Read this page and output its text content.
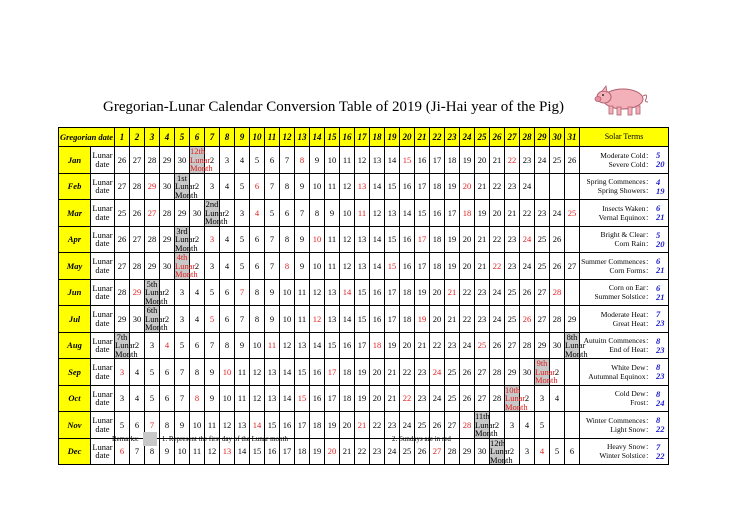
Gregorian-Lunar Calendar Conversion Table of 2019 (Ji-Hai year of the Pig)
Gregorian date		1	2	3	4	5	6	7	8	9	10	11	12	13	14	15	16	17	18	19	20	21	22	23	24	25	26	27	28	29	30	31	Solar Terms
Jan	Lunar date	26	27	28	29	30	12th Lunar Month	2	3	4	5	6	7	8	9	10	11	12	13	14	15	16	17	18	19	20	21	22	23	24	25	26	Moderate Cold： 5
Severe Cold： 20

Feb	Lunar date	27	28	29	30	1st Lunar Month	2	3	4	5	6	7	8	9	10	11	12	13	14	15	16	17	18	19	20	21	22	23	24				Spring Commences： 4
Spring Showers： 19

Mar	Lunar date	25	26	27	28	29	30	2nd Lunar Month	2	3	4	5	6	7	8	9	10	11	12	13	14	15	16	17	18	19	20	21	22	23	24	25	Insects Waken： 6
Vernal Equinox： 21

Apr	Lunar date	26	27	28	29	3rd Lunar Month	2	3	4	5	6	7	8	9	10	11	12	13	14	15	16	17	18	19	20	21	22	23	24	25	26		Bright & Clear： 5
Corn Rain： 20

May	Lunar date	27	28	29	30	4th Lunar Month	2	3	4	5	6	7	8	9	10	11	12	13	14	15	16	17	18	19	20	21	22	23	24	25	26	27	Summer Commences： 6
Corn Forms： 21

Jun	Lunar date	28	29	5th Lunar Month	2	3	4	5	6	7	8	9	10	11	12	13	14	15	16	17	18	19	20	21	22	23	24	25	26	27	28		Corn on Ear： 6
Summer Solstice： 21

Jul	Lunar date	29	30	6th Lunar Month	2	3	4	5	6	7	8	9	10	11	12	13	14	15	16	17	18	19	20	21	22	23	24	25	26	27	28	29	Moderate Heat： 7
Great Heat： 23

Aug	Lunar date	7th Lunar Month	2	3	4	5	6	7	8	9	10	11	12	13	14	15	16	17	18	19	20	21	22	23	24	25	26	27	28	29	30	8th Lunar Month	Autuitn Commences： 8
End of Heat： 23

Sep	Lunar date	3	4	5	6	7	8	9	10	11	12	13	14	15	16	17	18	19	20	21	22	23	24	25	26	27	28	29	30	9th Lunar Month	2		White Dew： 8
Autumnal Equinox： 23

Oct	Lunar date	3	4	5	6	7	8	9	10	11	12	13	14	15	16	17	18	19	20	21	22	23	24	25	26	27	28	10th Lunar Month	2	3	4		Cold Dew： 8
Frost： 24

Nov	Lunar date	5	6	7	8	9	10	11	12	13	14	15	16	17	18	19	20	21	22	23	24	25	26	27	28	11th Lunar Month	2	3	4	5			Winter Commences： 8
Light Snow： 22

Dec	Lunar date	6	7	8	9	10	11	12	13	14	15	16	17	18	19	20	21	22	23	24	25	26	27	28	29	30	12th Lunar Month	2	3	4	5	6	Heavy Snow： 7
Winter Solstice： 22
Remarks:	1. Represent the first day of the Lunar month	2. Sundays are in red
